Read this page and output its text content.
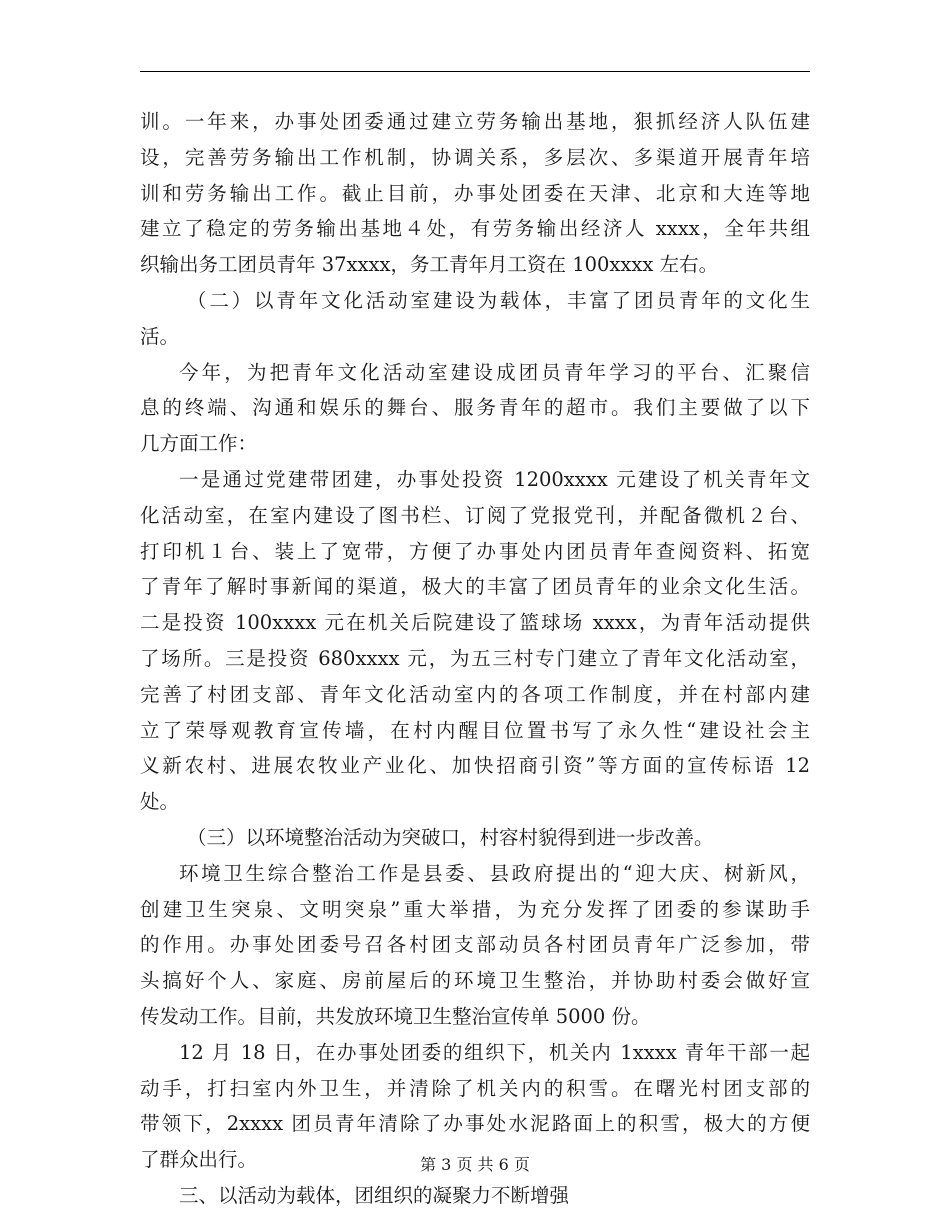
训。一年来，办事处团委通过建立劳务输出基地，狠抓经济人队伍建
设，完善劳务输出工作机制，协调关系，多层次、多渠道开展青年培
训和劳务输出工作。截止目前，办事处团委在天津、北京和大连等地
建立了稳定的劳务输出基地４处，有劳务输出经济人 xxxx，全年共组
织输出务工团员青年 37xxxx，务工青年月工资在 100xxxx 左右。
（二）以青年文化活动室建设为载体，丰富了团员青年的文化生
活。
今年，为把青年文化活动室建设成团员青年学习的平台、汇聚信
息的终端、沟通和娱乐的舞台、服务青年的超市。我们主要做了以下
几方面工作：
一是通过党建带团建，办事处投资 1200xxxx 元建设了机关青年文
化活动室，在室内建设了图书栏、订阅了党报党刊，并配备微机２台、
打印机１台、装上了宽带，方便了办事处内团员青年查阅资料、拓宽
了青年了解时事新闻的渠道，极大的丰富了团员青年的业余文化生活。
二是投资 100xxxx 元在机关后院建设了篮球场 xxxx，为青年活动提供
了场所。三是投资 680xxxx 元，为五三村专门建立了青年文化活动室，
完善了村团支部、青年文化活动室内的各项工作制度，并在村部内建
立了荣辱观教育宣传墙，在村内醒目位置书写了永久性“建设社会主
义新农村、进展农牧业产业化、加快招商引资”等方面的宣传标语 12
处。
（三）以环境整治活动为突破口，村容村貌得到进一步改善。
环境卫生综合整治工作是县委、县政府提出的“迎大庆、树新风，
创建卫生突泉、文明突泉”重大举措，为充分发挥了团委的参谋助手
的作用。办事处团委号召各村团支部动员各村团员青年广泛参加，带
头搞好个人、家庭、房前屋后的环境卫生整治，并协助村委会做好宣
传发动工作。目前，共发放环境卫生整治宣传单 5000 份。
12 月 18 日，在办事处团委的组织下，机关内 1xxxx 青年干部一起
动手，打扫室内外卫生，并清除了机关内的积雪。在曙光村团支部的
带领下，2xxxx 团员青年清除了办事处水泥路面上的积雪，极大的方便
了群众出行。
三、以活动为载体，团组织的凝聚力不断增强
第 3 页 共 6 页
